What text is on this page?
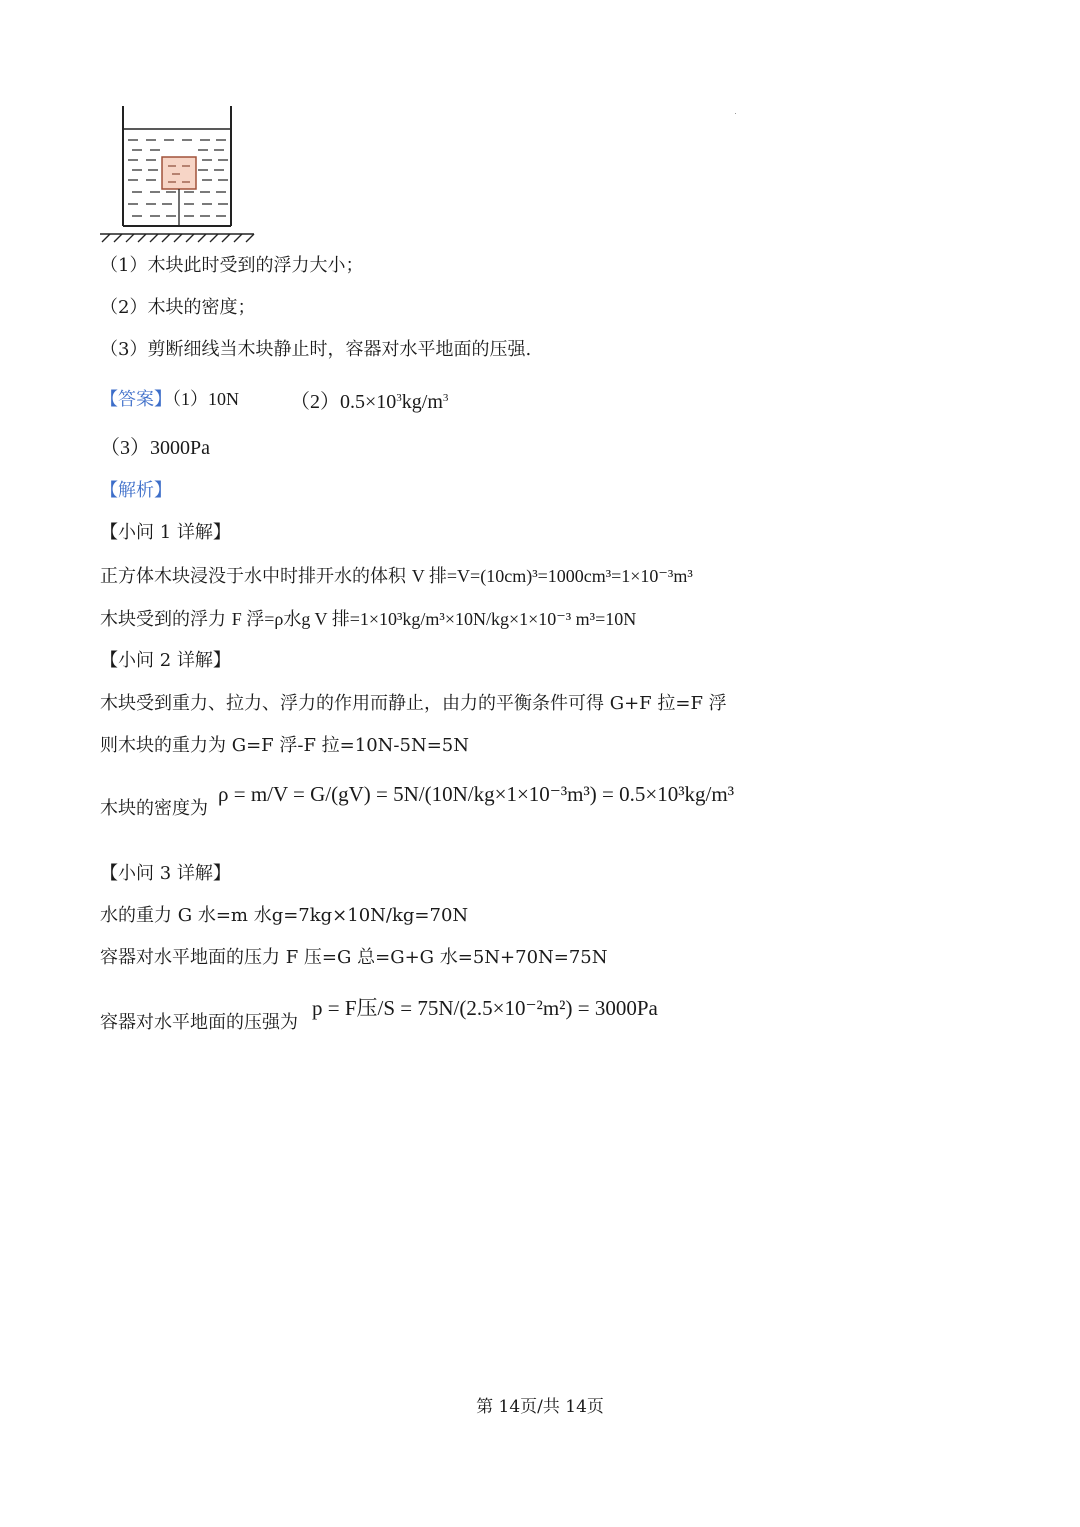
（1）木块此时受到的浮力大小；
（2）木块的密度；
（3）剪断细线当木块静止时，容器对水平地面的压强.
【答案】（1）10N	$(2)0.5\times 10^3kg/m^3$
（3）3000Pa
【解析】
【小问 1 详解】
正方体木块浸没于水中时排开水的体积 V 排=V=(10cm)³=1000cm³=1×10⁻³m³
木块受到的浮力 F 浮=ρ水g V 排=1×10³kg/m³×10N/kg×1×10⁻³ m³=10N
【小问 2 详解】
木块受到重力、拉力、浮力的作用而静止，由力的平衡条件可得 G+F 拉=F 浮
则木块的重力为 G=F 浮-F 拉=10N-5N=5N
木块的密度为
ρ = m/V = G/(gV) = 5N/(10N/kg×1×10⁻³m³) = 0.5×10³kg/m³
【小问 3 详解】
水的重力 G 水=m 水g=7kg×10N/kg=70N
容器对水平地面的压力 F 压=G 总=G+G 水=5N+70N=75N
容器对水平地面的压强为
p = F压/S = 75N/(2.5×10⁻²m²) = 3000Pa
第 14页/共 14页
